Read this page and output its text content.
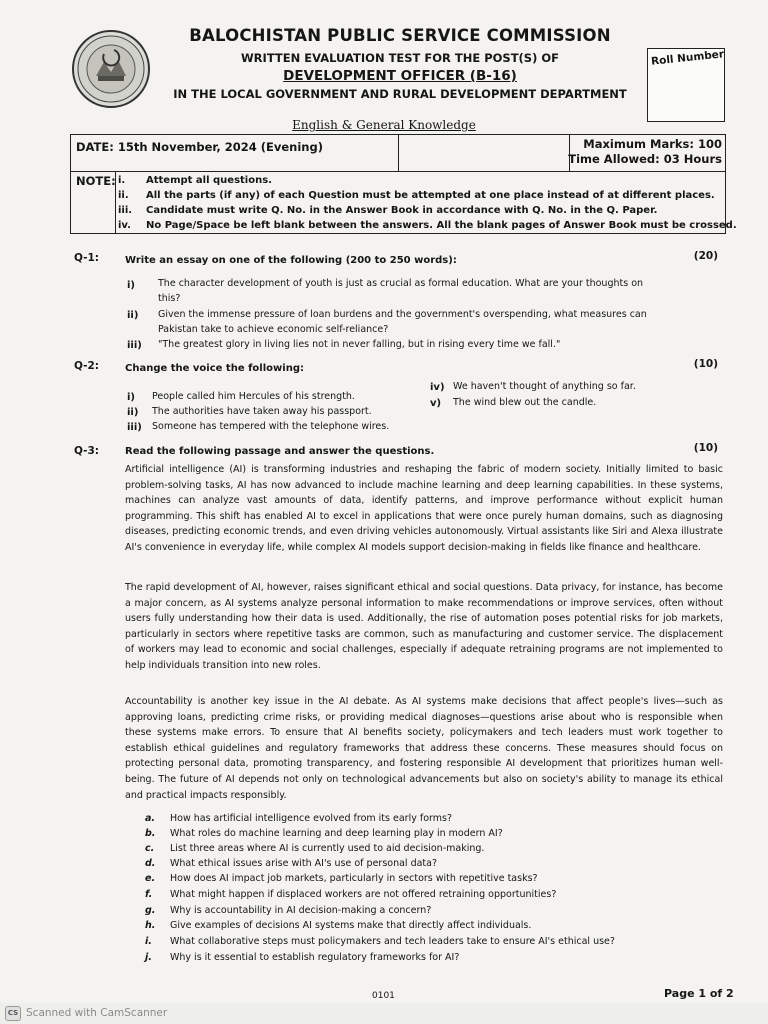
BALOCHISTAN PUBLIC SERVICE COMMISSION
WRITTEN EVALUATION TEST FOR THE POST(S) OF
DEVELOPMENT OFFICER (B-16)
IN THE LOCAL GOVERNMENT AND RURAL DEVELOPMENT DEPARTMENT
Roll Number
English & General Knowledge
DATE: 15th November, 2024 (Evening)	Maximum Marks: 100
Time Allowed: 03 Hours
NOTE: i. Attempt all questions.
ii. All the parts (if any) of each Question must be attempted at one place instead of at different places.
iii. Candidate must write Q. No. in the Answer Book in accordance with Q. No. in the Q. Paper.
iv. No Page/Space be left blank between the answers. All the blank pages of Answer Book must be crossed.
Q-1:	Write an essay on one of the following (200 to 250 words):	(20)
i) The character development of youth is just as crucial as formal education. What are your thoughts on
this?
ii) Given the immense pressure of loan burdens and the government's overspending, what measures can
Pakistan take to achieve economic self-reliance?
iii) "The greatest glory in living lies not in never falling, but in rising every time we fall."
Q-2:	Change the voice the following:	(10)
i) People called him Hercules of his strength.
ii) The authorities have taken away his passport.
iii) Someone has tempered with the telephone wires.
iv) We haven't thought of anything so far.
v) The wind blew out the candle.
Q-3:	Read the following passage and answer the questions.	(10)

Artificial intelligence (AI) is transforming industries and reshaping the fabric of modern society. Initially limited to basic problem-solving tasks, AI has now advanced to include machine learning and deep learning capabilities. In these systems, machines can analyze vast amounts of data, identify patterns, and improve performance without explicit human programming. This shift has enabled AI to excel in applications that were once purely human domains, such as diagnosing diseases, predicting economic trends, and even driving vehicles autonomously. Virtual assistants like Siri and Alexa illustrate AI's convenience in everyday life, while complex AI models support decision-making in fields like finance and healthcare.

The rapid development of AI, however, raises significant ethical and social questions. Data privacy, for instance, has become a major concern, as AI systems analyze personal information to make recommendations or improve services, often without users fully understanding how their data is used. Additionally, the rise of automation poses potential risks for job markets, particularly in sectors where repetitive tasks are common, such as manufacturing and customer service. The displacement of workers may lead to economic and social challenges, especially if adequate retraining programs are not implemented to help individuals transition into new roles.

Accountability is another key issue in the AI debate. As AI systems make decisions that affect people's lives—such as approving loans, predicting crime risks, or providing medical diagnoses—questions arise about who is responsible when these systems make errors. To ensure that AI benefits society, policymakers and tech leaders must work together to establish ethical guidelines and regulatory frameworks that address these concerns. These measures should focus on protecting personal data, promoting transparency, and fostering responsible AI development that prioritizes human well-being. The future of AI depends not only on technological advancements but also on society's ability to manage its ethical and practical impacts responsibly.

a. How has artificial intelligence evolved from its early forms?
b. What roles do machine learning and deep learning play in modern AI?
c. List three areas where AI is currently used to aid decision-making.
d. What ethical issues arise with AI's use of personal data?
e. How does AI impact job markets, particularly in sectors with repetitive tasks?
f. What might happen if displaced workers are not offered retraining opportunities?
g. Why is accountability in AI decision-making a concern?
h. Give examples of decisions AI systems make that directly affect individuals.
i. What collaborative steps must policymakers and tech leaders take to ensure AI's ethical use?
j. Why is it essential to establish regulatory frameworks for AI?
0101	Page 1 of 2
CS Scanned with CamScanner
